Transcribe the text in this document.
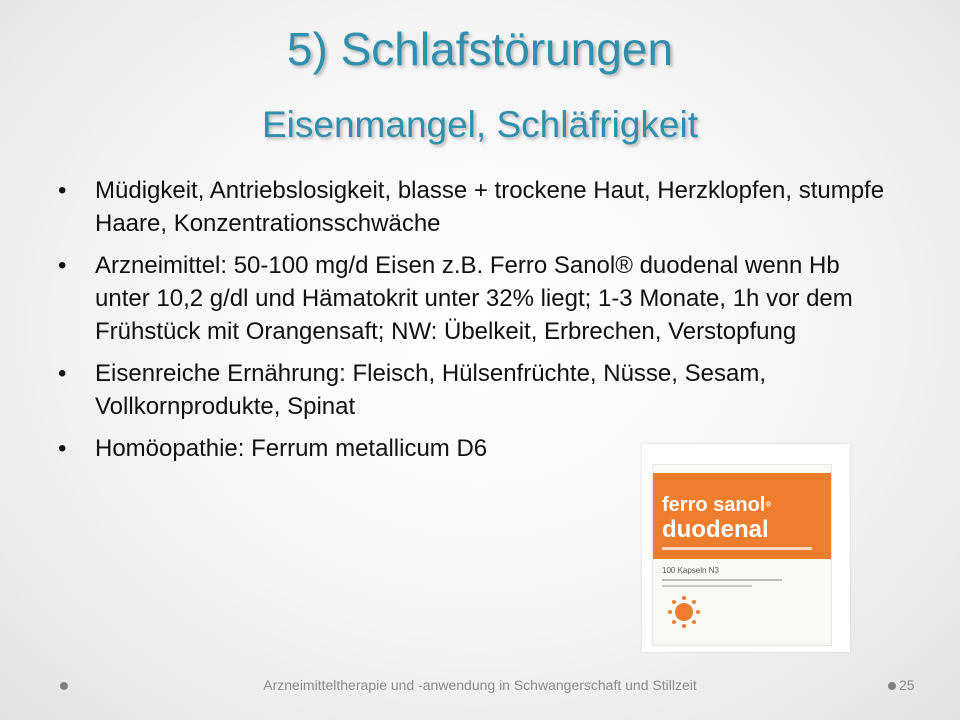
5) Schlafstörungen
Eisenmangel, Schläfrigkeit
• Müdigkeit, Antriebslosigkeit, blasse + trockene Haut, Herzklopfen, stumpfe Haare, Konzentrationsschwäche
• Arzneimittel: 50-100 mg/d Eisen z.B. Ferro Sanol® duodenal wenn Hb unter 10,2 g/dl und Hämatokrit unter 32% liegt; 1-3 Monate, 1h vor dem Frühstück mit Orangensaft; NW: Übelkeit, Erbrechen, Verstopfung
• Eisenreiche Ernährung: Fleisch, Hülsenfrüchte, Nüsse, Sesam, Vollkornprodukte, Spinat
• Homöopathie: Ferrum metallicum D6
ferro sanol®
duodenal
100 Kapseln N3
Arzneimitteltherapie und -anwendung in Schwangerschaft und Stillzeit	25
